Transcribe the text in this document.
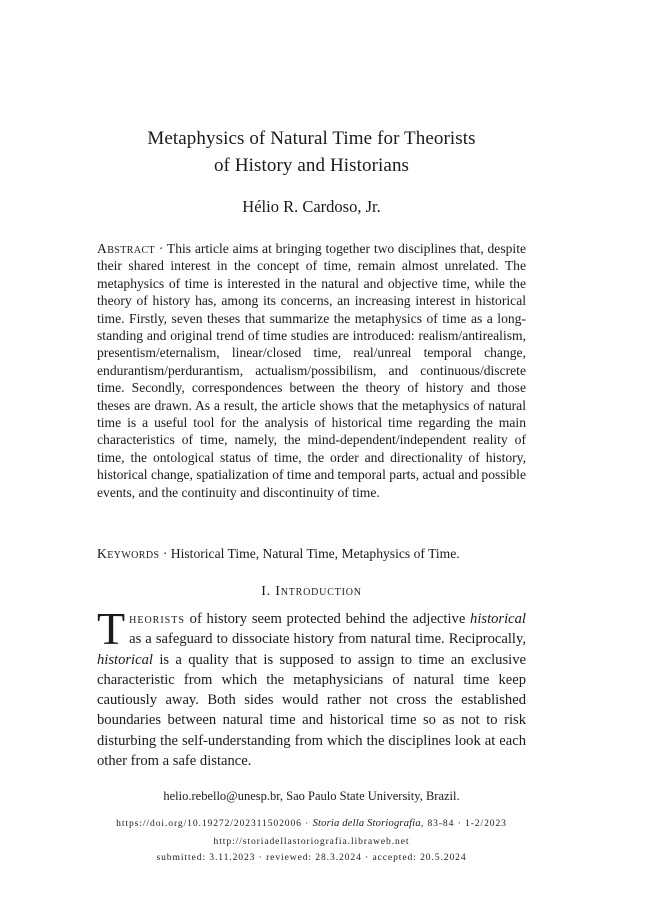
Metaphysics of Natural Time for Theorists
of History and Historians
Hélio R. Cardoso, Jr.
Abstract · This article aims at bringing together two disciplines that, despite their shared interest in the concept of time, remain almost unrelated. The metaphysics of time is interested in the natural and objective time, while the theory of history has, among its concerns, an increasing interest in historical time. Firstly, seven theses that summarize the metaphysics of time as a long-standing and original trend of time studies are introduced: realism/antirealism, presentism/eternalism, linear/closed time, real/unreal temporal change, endurantism/perdurantism, actualism/possibilism, and continuous/discrete time. Secondly, correspondences between the theory of history and those theses are drawn. As a result, the article shows that the metaphysics of natural time is a useful tool for the analysis of historical time regarding the main characteristics of time, namely, the mind-dependent/independent reality of time, the ontological status of time, the order and directionality of history, historical change, spatialization of time and temporal parts, actual and possible events, and the continuity and discontinuity of time.
Keywords · Historical Time, Natural Time, Metaphysics of Time.
I. Introduction

Theorists of history seem protected behind the adjective historical as a safeguard to dissociate history from natural time. Reciprocally, historical is a quality that is supposed to assign to time an exclusive characteristic from which the metaphysicians of natural time keep cautiously away. Both sides would rather not cross the established boundaries between natural time and historical time so as not to risk disturbing the self-understanding from which the disciplines look at each other from a safe distance.

helio.rebello@unesp.br, Sao Paulo State University, Brazil.
https://doi.org/10.19272/202311502006 · Storia della Storiografia, 83-84 · 1-2/2023
http://storiadellastoriografia.libraweb.net
submitted: 3.11.2023 · reviewed: 28.3.2024 · accepted: 20.5.2024
